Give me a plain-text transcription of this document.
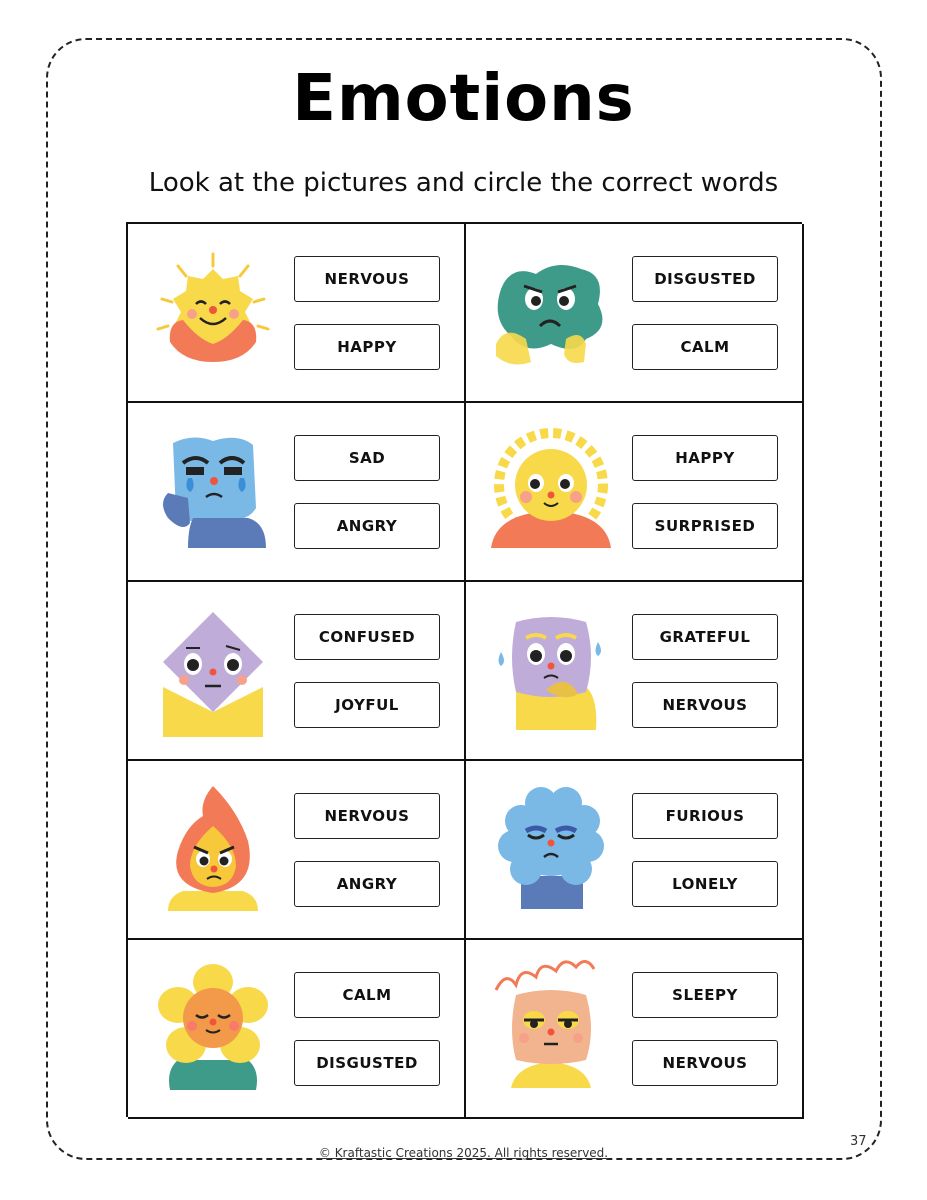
Emotions
Look at the pictures and circle the correct words
NERVOUS
HAPPY
DISGUSTED
CALM
SAD
ANGRY
HAPPY
SURPRISED
CONFUSED
JOYFUL
GRATEFUL
NERVOUS
NERVOUS
ANGRY
FURIOUS
LONELY
CALM
DISGUSTED
SLEEPY
NERVOUS
37
© Kraftastic Creations 2025. All rights reserved.
